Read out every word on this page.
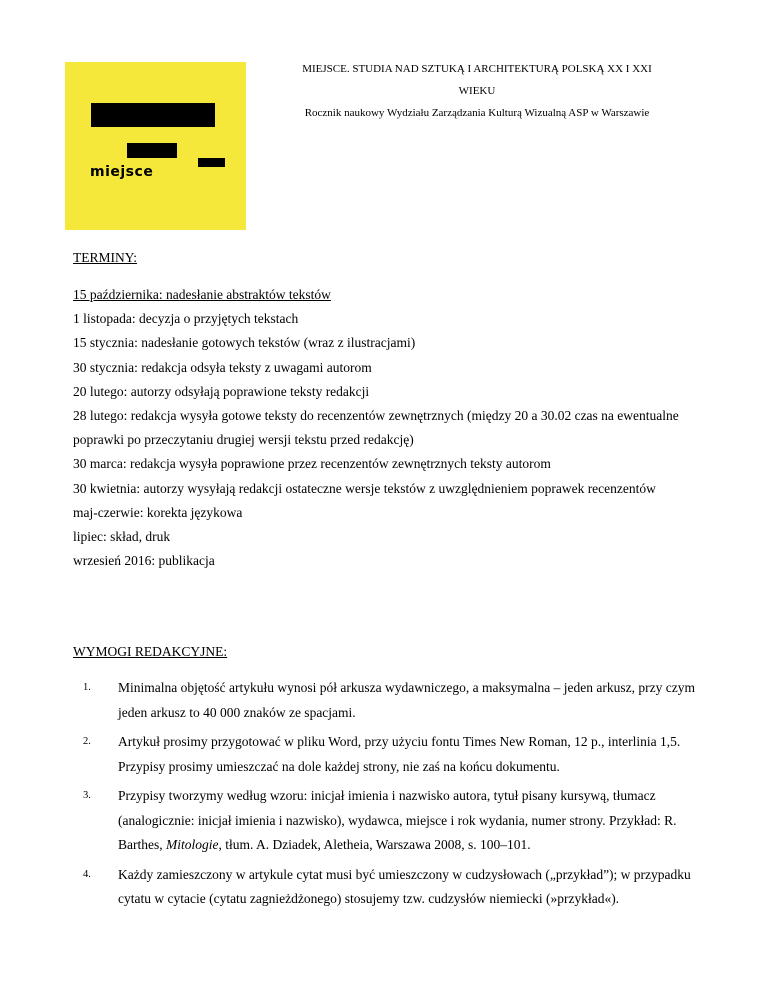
miejsce
MIEJSCE. STUDIA NAD SZTUKĄ I ARCHITEKTURĄ POLSKĄ XX I XXI
WIEKU
Rocznik naukowy Wydziału Zarządzania Kulturą Wizualną ASP w Warszawie
TERMINY:

15 października: nadesłanie abstraktów tekstów

1 listopada: decyzja o przyjętych tekstach

15 stycznia: nadesłanie gotowych tekstów (wraz z ilustracjami)

30 stycznia: redakcja odsyła teksty z uwagami autorom

20 lutego: autorzy odsyłają poprawione teksty redakcji

28 lutego: redakcja wysyła gotowe teksty do recenzentów zewnętrznych (między 20 a 30.02 czas na ewentualne poprawki po przeczytaniu drugiej wersji tekstu przed redakcję)

30 marca: redakcja wysyła poprawione przez recenzentów zewnętrznych teksty autorom

30 kwietnia: autorzy wysyłają redakcji ostateczne wersje tekstów z uwzględnieniem poprawek recenzentów

maj-czerwie: korekta językowa

lipiec: skład, druk

wrzesień 2016: publikacja

WYMOGI REDAKCYJNE:
1. Minimalna objętość artykułu wynosi pół arkusza wydawniczego, a maksymalna – jeden arkusz, przy czym jeden arkusz to 40 000 znaków ze spacjami.
2. Artykuł prosimy przygotować w pliku Word, przy użyciu fontu Times New Roman, 12 p., interlinia 1,5. Przypisy prosimy umieszczać na dole każdej strony, nie zaś na końcu dokumentu.
3. Przypisy tworzymy według wzoru: inicjał imienia i nazwisko autora, tytuł pisany kursywą, tłumacz (analogicznie: inicjał imienia i nazwisko), wydawca, miejsce i rok wydania, numer strony. Przykład: R. Barthes, Mitologie, tłum. A. Dziadek, Aletheia, Warszawa 2008, s. 100–101.
4. Każdy zamieszczony w artykule cytat musi być umieszczony w cudzysłowach („przykład”); w przypadku cytatu w cytacie (cytatu zagnieżdżonego) stosujemy tzw. cudzysłów niemiecki (»przykład«).
